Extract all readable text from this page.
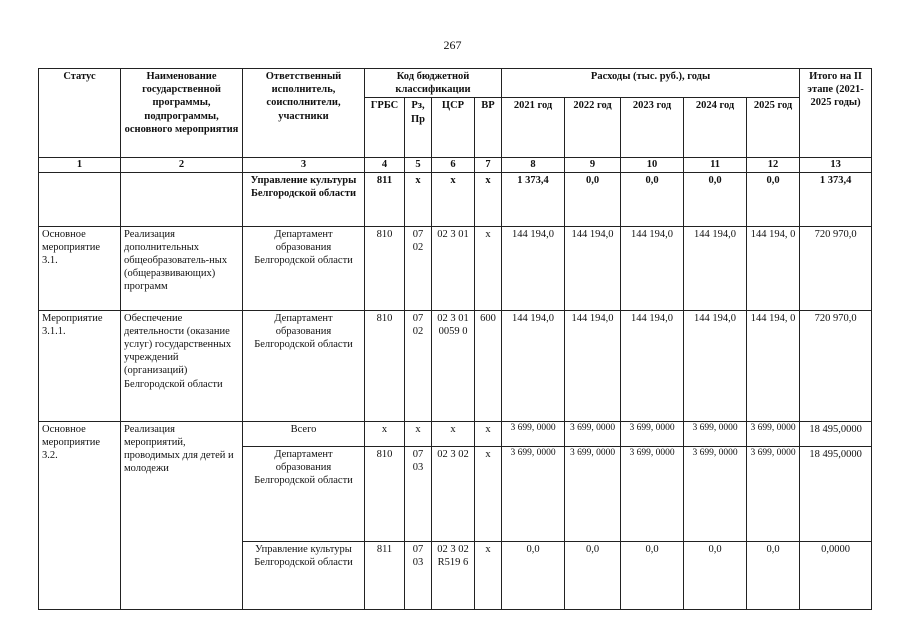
267
Статус	Наименование государственной программы, подпрограммы, основного мероприятия	Ответственный исполнитель, соисполнители, участники	Код бюджетной классификации				Расходы (тыс. руб.), годы					Итого на II этапе (2021-2025 годы)
			ГРБС	Рз, Пр	ЦСР	ВР	2021 год	2022 год	2023 год	2024 год	2025 год	
1	2	3	4	5	6	7	8	9	10	11	12	13
		Управление культуры Белгородской области	811	х	х	х	1 373,4	0,0	0,0	0,0	0,0	1 373,4
Основное мероприятие 3.1.	Реализация дополнительных общеобразователь-ных (общеразвивающих) программ	Департамент образования Белгородской области	810	07 02	02 3 01	х	144 194,0	144 194,0	144 194,0	144 194,0	144 194, 0	720 970,0
Мероприятие 3.1.1.	Обеспечение деятельности (оказание услуг) государственных учреждений (организаций) Белгородской области	Департамент образования Белгородской области	810	07 02	02 3 01 0059 0	600	144 194,0	144 194,0	144 194,0	144 194,0	144 194, 0	720 970,0
Основное мероприятие 3.2.	Реализация мероприятий, проводимых для детей и молодежи	Всего	х	х	х	х	3 699, 0000	3 699, 0000	3 699, 0000	3 699, 0000	3 699, 0000	18 495,0000
		Департамент образования Белгородской области	810	07 03	02 3 02	х	3 699, 0000	3 699, 0000	3 699, 0000	3 699, 0000	3 699, 0000	18 495,0000
		Управление культуры Белгородской области	811	07 03	02 3 02 R519 6	х	0,0	0,0	0,0	0,0	0,0	0,0000
